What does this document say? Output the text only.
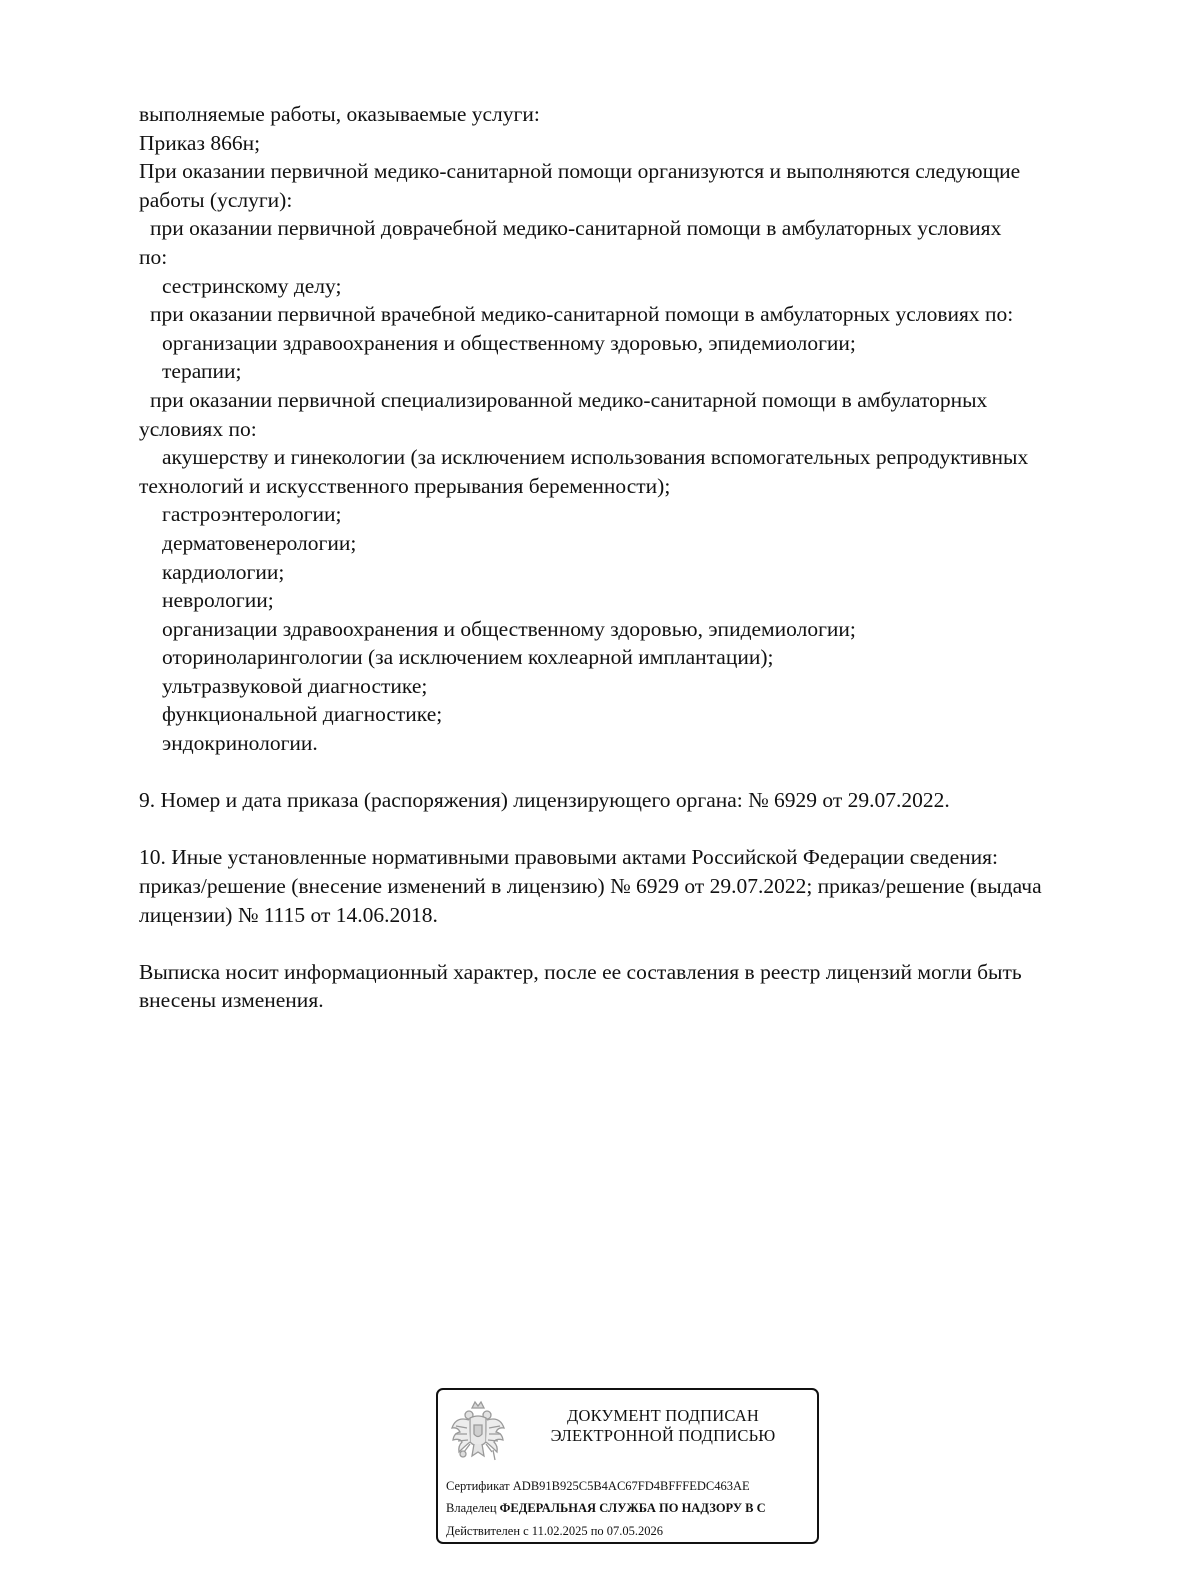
выполняемые работы, оказываемые услуги:
Приказ 866н;
При оказании первичной медико-санитарной помощи организуются и выполняются следующие
работы (услуги):
при оказании первичной доврачебной медико-санитарной помощи в амбулаторных условиях
по:
сестринскому делу;
при оказании первичной врачебной медико-санитарной помощи в амбулаторных условиях по:
организации здравоохранения и общественному здоровью, эпидемиологии;
терапии;
при оказании первичной специализированной медико-санитарной помощи в амбулаторных
условиях по:
акушерству и гинекологии (за исключением использования вспомогательных репродуктивных
технологий и искусственного прерывания беременности);
гастроэнтерологии;
дерматовенерологии;
кардиологии;
неврологии;
организации здравоохранения и общественному здоровью, эпидемиологии;
оториноларингологии (за исключением кохлеарной имплантации);
ультразвуковой диагностике;
функциональной диагностике;
эндокринологии.
9. Номер и дата приказа (распоряжения) лицензирующего органа: № 6929 от 29.07.2022.
10. Иные установленные нормативными правовыми актами Российской Федерации сведения:
приказ/решение (внесение изменений в лицензию) № 6929 от 29.07.2022; приказ/решение (выдача
лицензии) № 1115 от 14.06.2018.
Выписка носит информационный характер, после ее составления в реестр лицензий могли быть
внесены изменения.
ДОКУМЕНТ ПОДПИСАН
ЭЛЕКТРОННОЙ ПОДПИСЬЮ
Сертификат ADB91B925C5B4AC67FD4BFFFEDC463AE
Владелец ФЕДЕРАЛЬНАЯ СЛУЖБА ПО НАДЗОРУ В С
Действителен с 11.02.2025 по 07.05.2026
